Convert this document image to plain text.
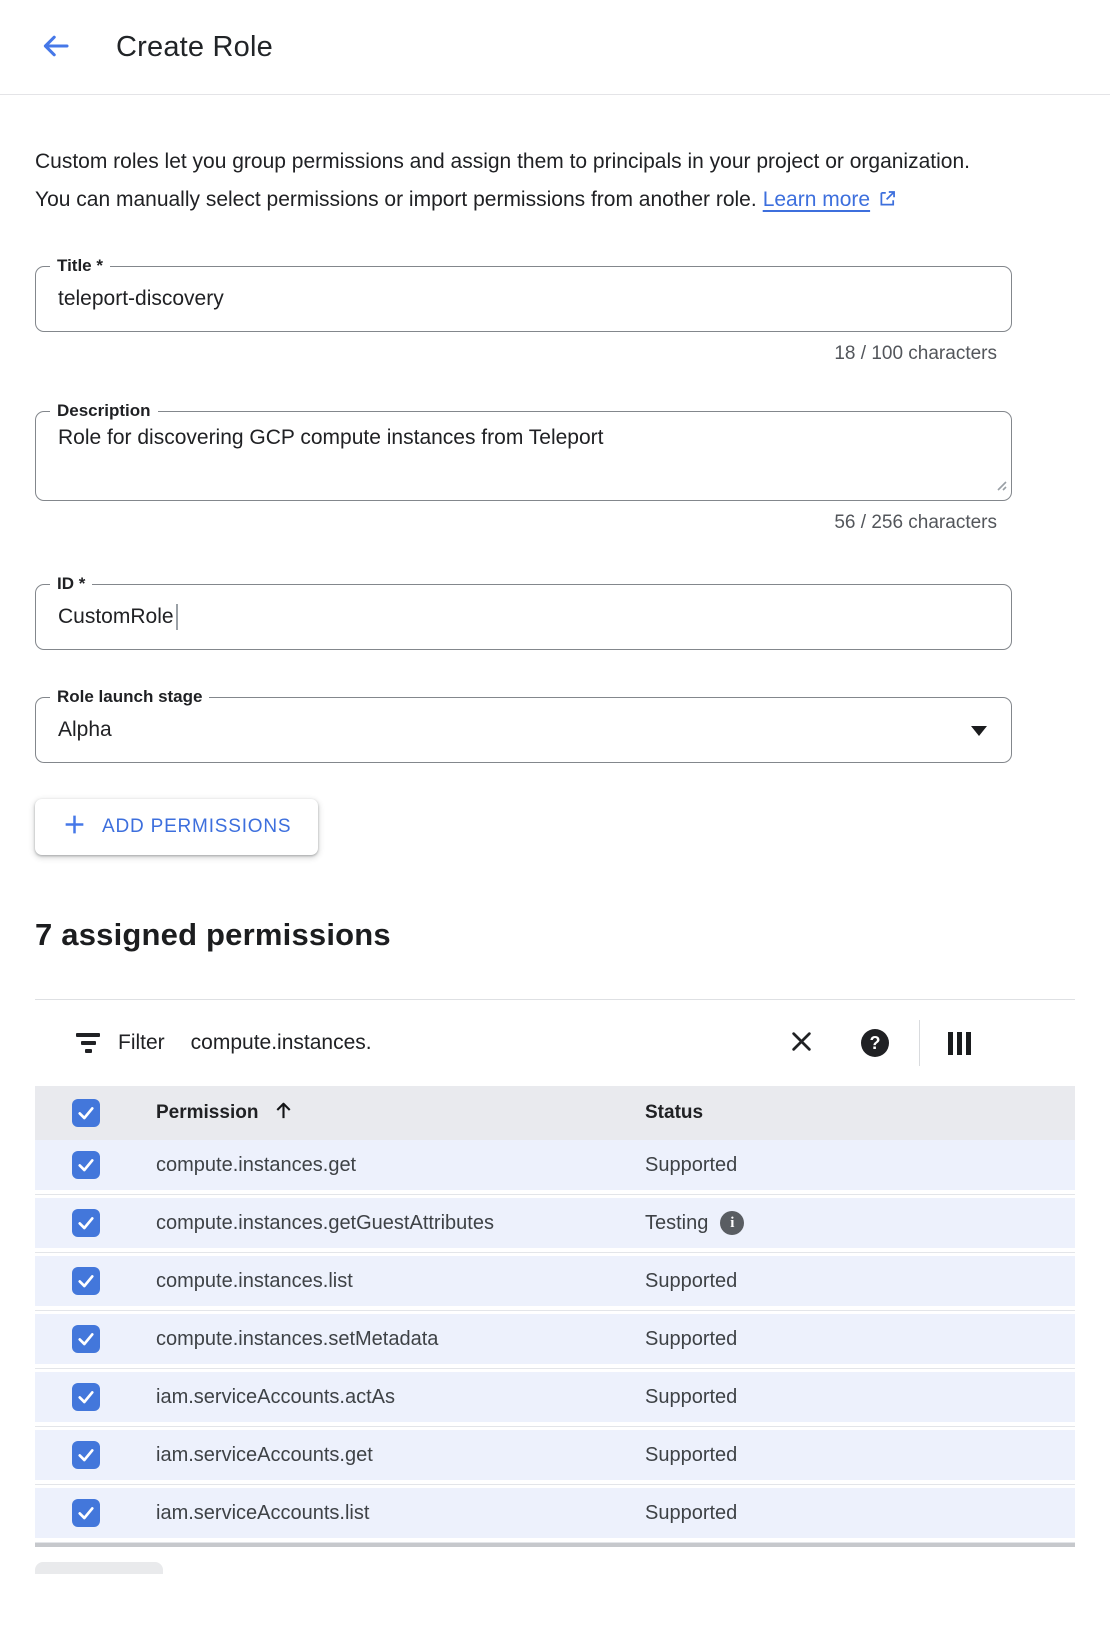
Create Role

Custom roles let you group permissions and assign them to principals in your project or organization. You can manually select permissions or import permissions from another role. Learn more

Title *
teleport-discovery
18 / 100 characters
Description
Role for discovering GCP compute instances from Teleport
56 / 256 characters
ID *
CustomRole
Role launch stage
Alpha
ADD PERMISSIONS
7 assigned permissions
Filter compute.instances.	?
Permission	Status
compute.instances.get	Supported
compute.instances.getGuestAttributes	Testing	i
compute.instances.list	Supported
compute.instances.setMetadata	Supported
iam.serviceAccounts.actAs	Supported
iam.serviceAccounts.get	Supported
iam.serviceAccounts.list	Supported
